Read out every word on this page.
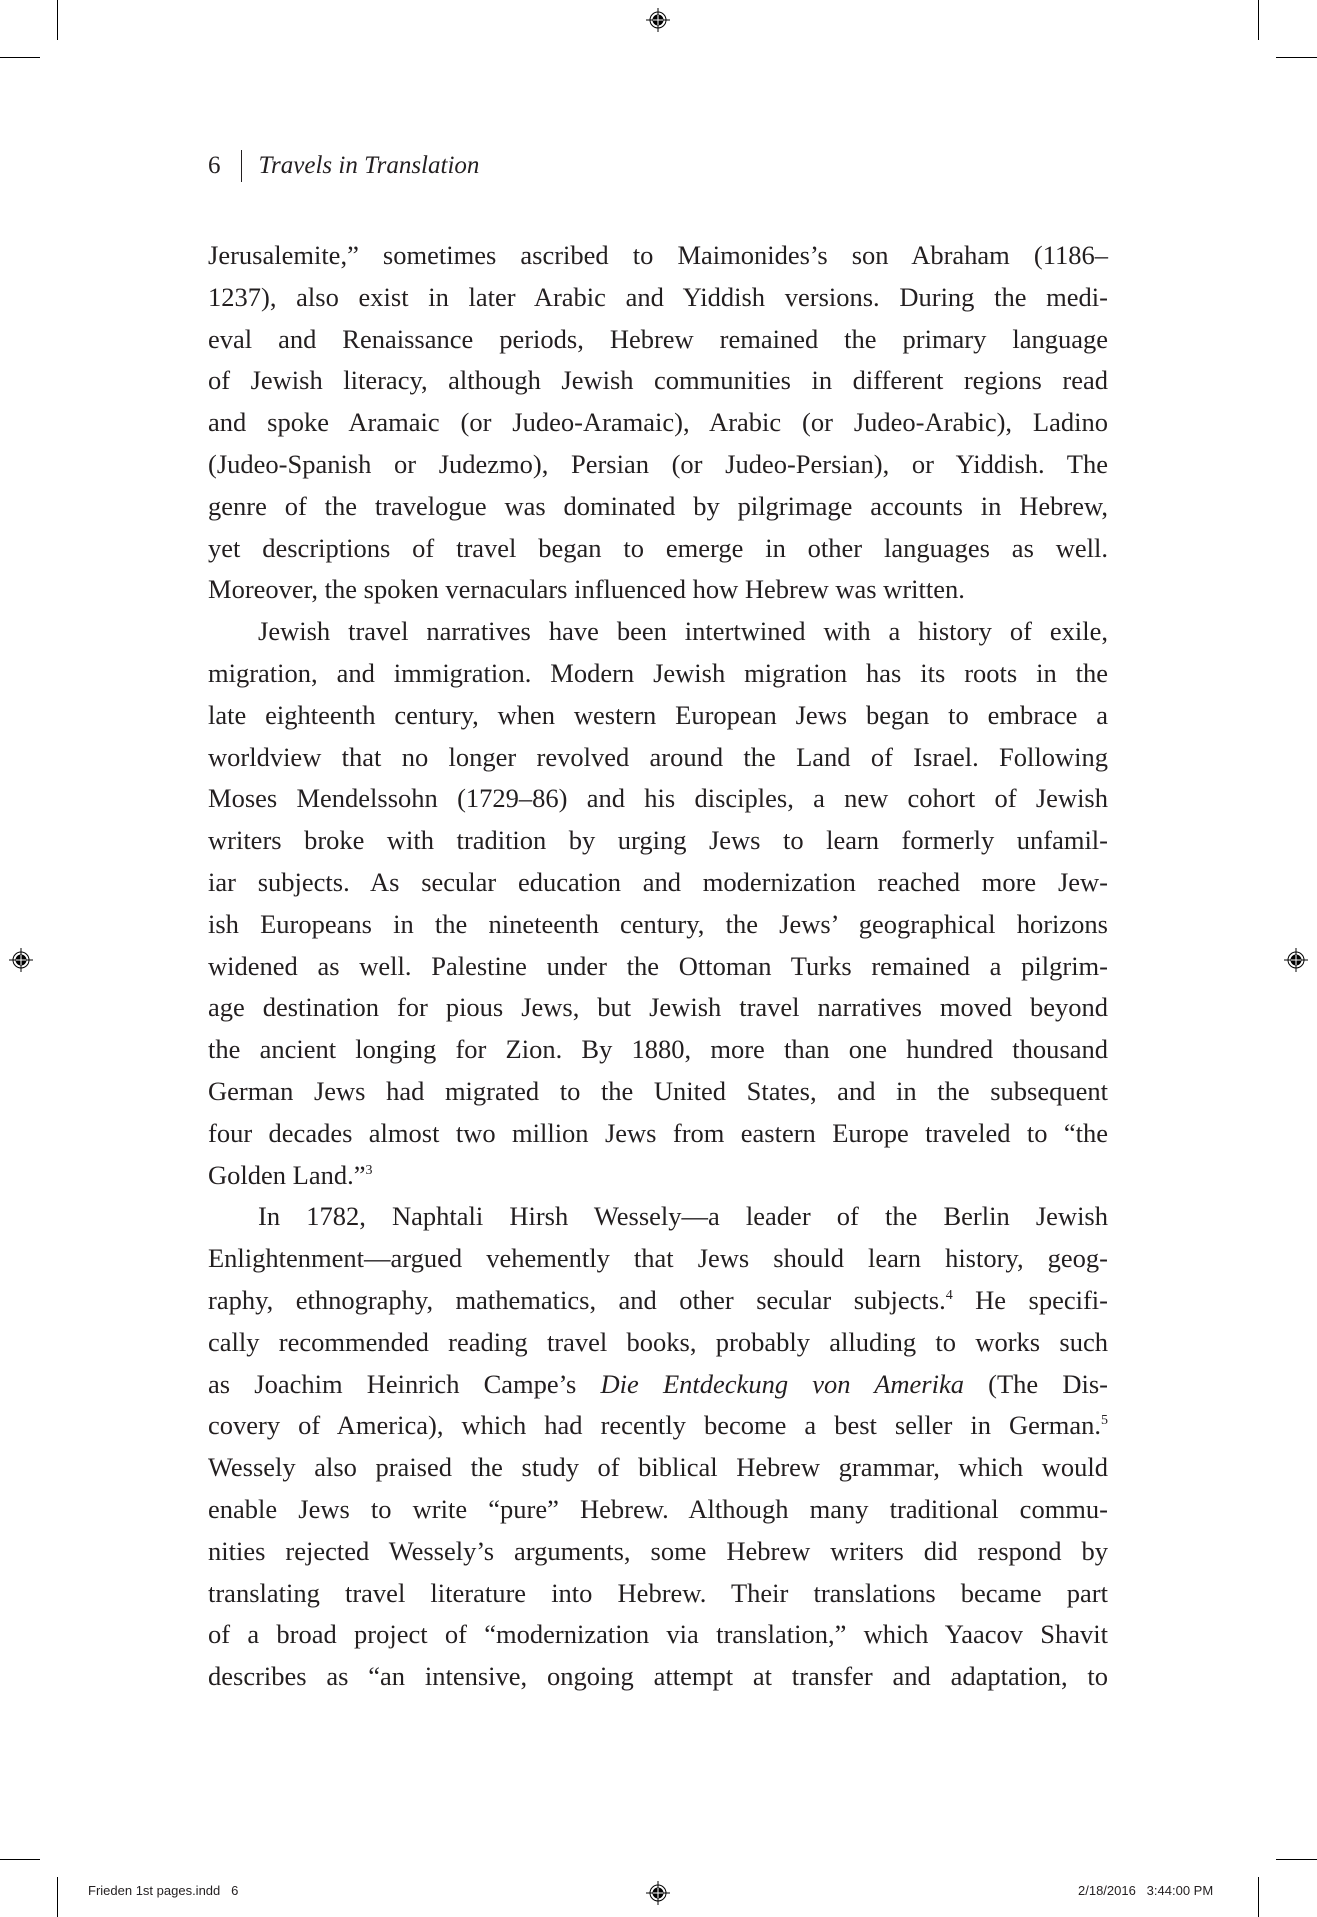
6 Travels in Translation
Jerusalemite,” sometimes ascribed to Maimonides’s son Abraham (1186–
1237), also exist in later Arabic and Yiddish versions. During the medi-
eval and Renaissance periods, Hebrew remained the primary language
of Jewish literacy, although Jewish communities in different regions read
and spoke Aramaic (or Judeo-Aramaic), Arabic (or Judeo-Arabic), Ladino
(Judeo-Spanish or Judezmo), Persian (or Judeo-Persian), or Yiddish. The
genre of the travelogue was dominated by pilgrimage accounts in Hebrew,
yet descriptions of travel began to emerge in other languages as well.
Moreover, the spoken vernaculars influenced how Hebrew was written.
Jewish travel narratives have been intertwined with a history of exile,
migration, and immigration. Modern Jewish migration has its roots in the
late eighteenth century, when western European Jews began to embrace a
worldview that no longer revolved around the Land of Israel. Following
Moses Mendelssohn (1729–86) and his disciples, a new cohort of Jewish
writers broke with tradition by urging Jews to learn formerly unfamil-
iar subjects. As secular education and modernization reached more Jew-
ish Europeans in the nineteenth century, the Jews’ geographical horizons
widened as well. Palestine under the Ottoman Turks remained a pilgrim-
age destination for pious Jews, but Jewish travel narratives moved beyond
the ancient longing for Zion. By 1880, more than one hundred thousand
German Jews had migrated to the United States, and in the subsequent
four decades almost two million Jews from eastern Europe traveled to “the
Golden Land.”$^3$
In 1782, Naphtali Hirsh Wessely—a leader of the Berlin Jewish
Enlightenment—argued vehemently that Jews should learn history, geog-
raphy, ethnography, mathematics, and other secular subjects.$^4$ He specifi-
cally recommended reading travel books, probably alluding to works such
as Joachim Heinrich Campe’s Die Entdeckung von Amerika (The Dis-
covery of America), which had recently become a best seller in German.$^5$
Wessely also praised the study of biblical Hebrew grammar, which would
enable Jews to write “pure” Hebrew. Although many traditional commu-
nities rejected Wessely’s arguments, some Hebrew writers did respond by
translating travel literature into Hebrew. Their translations became part
of a broad project of “modernization via translation,” which Yaacov Shavit
describes as “an intensive, ongoing attempt at transfer and adaptation, to
Frieden 1st pages.indd   6	2/18/2016   3:44:00 PM
